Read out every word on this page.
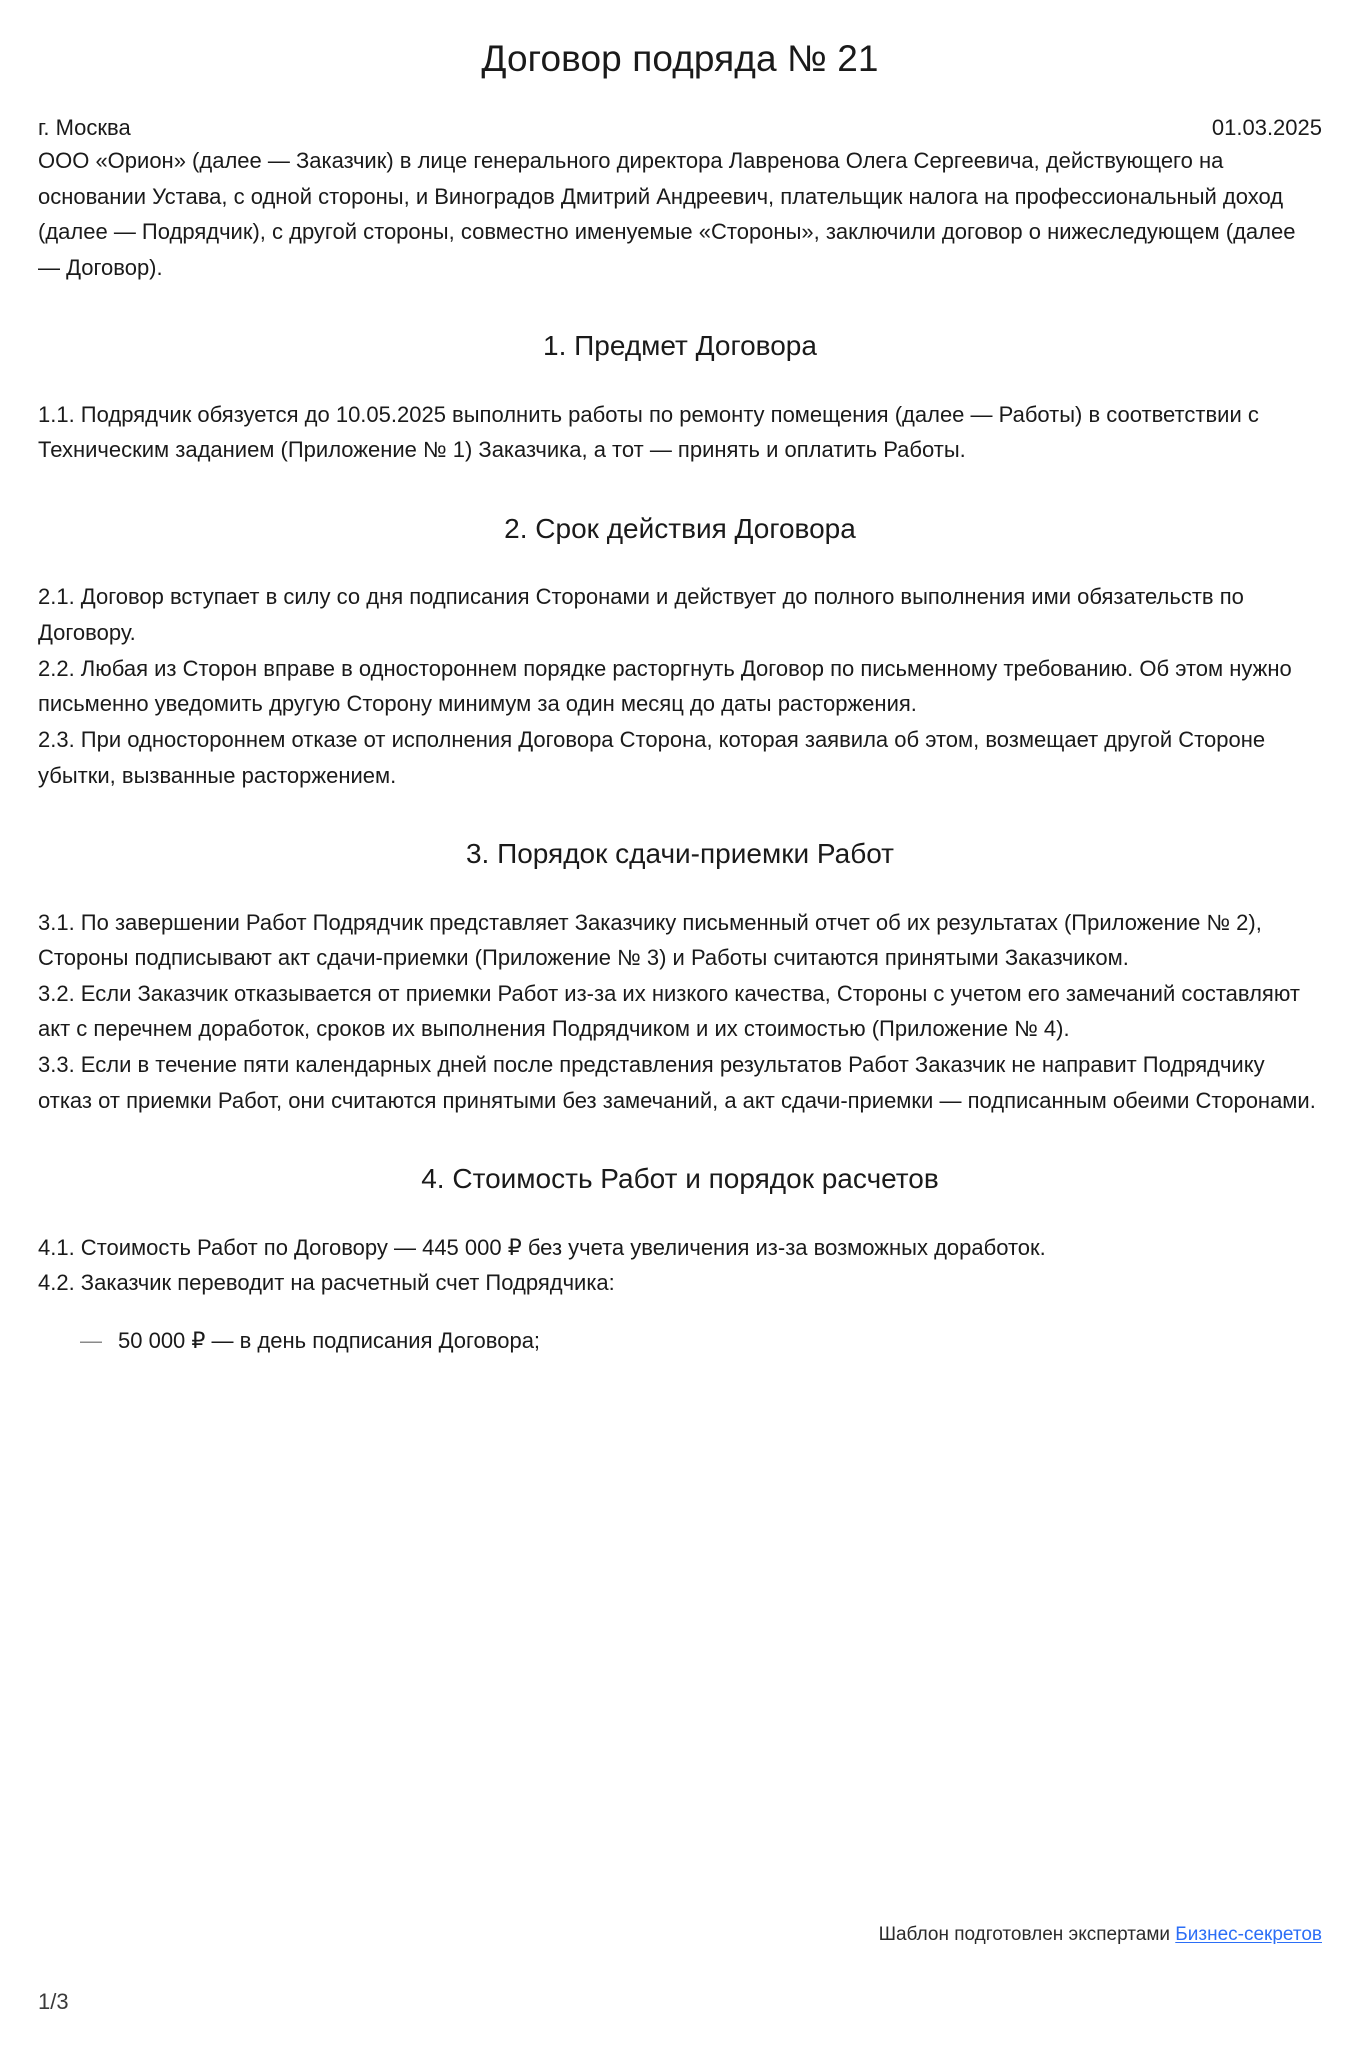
Договор подряда № 21
г. Москва	01.03.2025

ООО «Орион» (далее — Заказчик) в лице генерального директора Лавренова Олега Сергеевича, действующего на основании Устава, с одной стороны, и Виноградов Дмитрий Андреевич, плательщик налога на профессиональный доход (далее — Подрядчик), с другой стороны, совместно именуемые «Стороны», заключили договор о нижеследующем (далее — Договор).

1. Предмет Договора

1.1. Подрядчик обязуется до 10.05.2025 выполнить работы по ремонту помещения (далее — Работы) в соответствии с Техническим заданием (Приложение № 1) Заказчика, а тот — принять и оплатить Работы.

2. Срок действия Договора

2.1. Договор вступает в силу со дня подписания Сторонами и действует до полного выполнения ими обязательств по Договору.

2.2. Любая из Сторон вправе в одностороннем порядке расторгнуть Договор по письменному требованию. Об этом нужно письменно уведомить другую Сторону минимум за один месяц до даты расторжения.

2.3. При одностороннем отказе от исполнения Договора Сторона, которая заявила об этом, возмещает другой Стороне убытки, вызванные расторжением.

3. Порядок сдачи-приемки Работ

3.1. По завершении Работ Подрядчик представляет Заказчику письменный отчет об их результатах (Приложение № 2), Стороны подписывают акт сдачи-приемки (Приложение № 3) и Работы считаются принятыми Заказчиком.

3.2. Если Заказчик отказывается от приемки Работ из-за их низкого качества, Стороны с учетом его замечаний составляют акт с перечнем доработок, сроков их выполнения Подрядчиком и их стоимостью (Приложение № 4).

3.3. Если в течение пяти календарных дней после представления результатов Работ Заказчик не направит Подрядчику отказ от приемки Работ, они считаются принятыми без замечаний, а акт сдачи-приемки — подписанным обеими Сторонами.

4. Стоимость Работ и порядок расчетов

4.1. Стоимость Работ по Договору — 445 000 ₽ без учета увеличения из-за возможных доработок.

4.2. Заказчик переводит на расчетный счет Подрядчика:

— 50 000 ₽ — в день подписания Договора;
Шаблон подготовлен экспертами Бизнес-секретов
1/3
